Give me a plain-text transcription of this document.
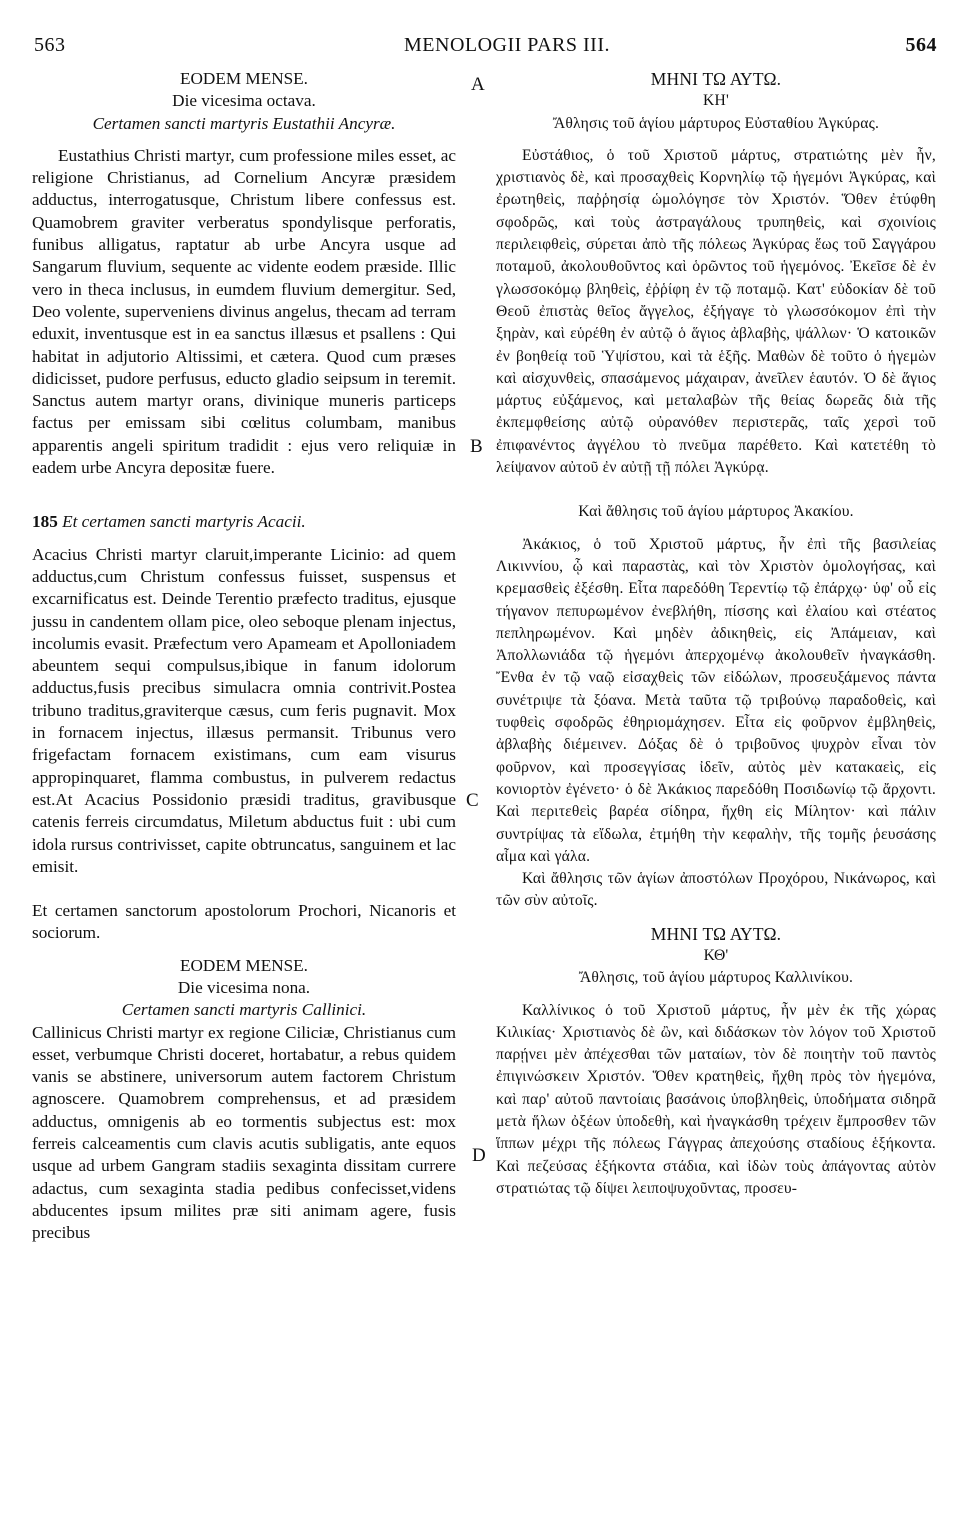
563	MENOLOGII PARS III.	564
A
B
C
D

EODEM MENSE.

Die vicesima octava.

Certamen sancti martyris Eustathii Ancyræ.

Eustathius Christi martyr, cum professione miles esset, ac religione Christianus, ad Cornelium Ancyræ præsidem adductus, interrogatusque, Christum libere confessus est. Quamobrem graviter verberatus spondylisque perforatis, funibus alligatus, raptatur ab urbe Ancyra usque ad Sangarum fluvium, sequente ac vidente eodem præside. Illic vero in theca inclusus, in eumdem fluvium demergitur. Sed, Deo volente, superveniens divinus angelus, thecam ad terram eduxit, inventusque est in ea sanctus illæsus et psallens : Qui habitat in adjutorio Altissimi, et cætera. Quod cum præses didicisset, pudore perfusus, educto gladio seipsum in teremit. Sanctus autem martyr orans, divinique muneris particeps factus per emissam sibi cœlitus columbam, manibus apparentis angeli spiritum tradidit : ejus vero reliquiæ in eadem urbe Ancyra depositæ fuere.

185 Et certamen sancti martyris Acacii.

Acacius Christi martyr claruit,imperante Licinio: ad quem adductus,cum Christum confessus fuisset, suspensus et excarnificatus est. Deinde Terentio præfecto traditus, ejusque jussu in candentem ollam pice, oleo seboque plenam injectus, incolumis evasit. Præfectum vero Apameam et Apolloniadem abeuntem sequi compulsus,ibique in fanum idolorum adductus,fusis precibus simulacra omnia contrivit.Postea tribuno traditus,graviterque cæsus, cum feris pugnavit. Mox in fornacem injectus, illæsus permansit. Tribunus vero frigefactam fornacem existimans, cum eam visurus appropinquaret, flamma combustus, in pulverem redactus est.At Acacius Possidonio præsidi traditus, gravibusque catenis ferreis circumdatus, Miletum abductus fuit : ubi cum idola rursus contrivisset, capite obtruncatus, sanguinem et lac emisit.

Et certamen sanctorum apostolorum Prochori, Nicanoris et sociorum.

EODEM MENSE.

Die vicesima nona.

Certamen sancti martyris Callinici.

Callinicus Christi martyr ex regione Ciliciæ, Christianus cum esset, verbumque Christi doceret, hortabatur, a rebus quidem vanis se abstinere, universorum autem factorem Christum agnoscere. Quamobrem comprehensus, et ad præsidem adductus, omnigenis ab eo tormentis subjectus est: mox ferreis calceamentis cum clavis acutis subligatis, ante equos usque ad urbem Gangram stadiis sexaginta dissitam currere adactus, cum sexaginta stadia pedibus confecisset,videns abducentes ipsum milites præ siti animam agere, fusis precibus

ΜΗΝΙ ΤΩ ΑΥΤΩ.

ΚΗ'

Ἄθλησις τοῦ ἁγίου μάρτυρος Εὐσταθίου Ἀγκύρας.

Εὐστάθιος, ὁ τοῦ Χριστοῦ μάρτυς, στρατιώτης μὲν ἦν, χριστιανὸς δὲ, καὶ προσαχθεὶς Κορνηλίῳ τῷ ἡγεμόνι Ἀγκύρας, καὶ ἐρωτηθεὶς, παῤῥησίᾳ ὡμολόγησε τὸν Χριστόν. Ὅθεν ἐτύφθη σφοδρῶς, καὶ τοὺς ἀστραγάλους τρυπηθεὶς, καὶ σχοινίοις περιλειφθεὶς, σύρεται ἀπὸ τῆς πόλεως Ἀγκύρας ἕως τοῦ Σαγγάρου ποταμοῦ, ἀκολουθοῦντος καὶ ὁρῶντος τοῦ ἡγεμόνος. Ἐκεῖσε δὲ ἐν γλωσσοκόμῳ βληθεὶς, ἐῤῥίφη ἐν τῷ ποταμῷ. Κατ' εὐδοκίαν δὲ τοῦ Θεοῦ ἐπιστὰς θεῖος ἄγγελος, ἐξήγαγε τὸ γλωσσόκομον ἐπὶ τὴν ξηρὰν, καὶ εὑρέθη ἐν αὐτῷ ὁ ἅγιος ἀβλαβὴς, ψάλλων· Ὁ κατοικῶν ἐν βοηθείᾳ τοῦ Ὑψίστου, καὶ τὰ ἑξῆς. Μαθὼν δὲ τοῦτο ὁ ἡγεμὼν καὶ αἰσχυνθεὶς, σπασάμενος μάχαιραν, ἀνεῖλεν ἑαυτόν. Ὁ δὲ ἅγιος μάρτυς εὐξάμενος, καὶ μεταλαβὼν τῆς θείας δωρεᾶς διὰ τῆς ἐκπεμφθείσης αὐτῷ οὐρανόθεν περιστερᾶς, ταῖς χερσὶ τοῦ ἐπιφανέντος ἀγγέλου τὸ πνεῦμα παρέθετο. Καὶ κατετέθη τὸ λείψανον αὐτοῦ ἐν αὐτῇ τῇ πόλει Ἀγκύρᾳ.

Καὶ ἄθλησις τοῦ ἁγίου μάρτυρος Ἀκακίου.

Ἀκάκιος, ὁ τοῦ Χριστοῦ μάρτυς, ἦν ἐπὶ τῆς βασιλείας Λικιννίου, ᾧ καὶ παραστὰς, καὶ τὸν Χριστὸν ὁμολογήσας, καὶ κρεμασθεὶς ἐξέσθη. Εἶτα παρεδόθη Τερεντίῳ τῷ ἐπάρχῳ· ὑφ' οὗ εἰς τήγανον πεπυρωμένον ἐνεβλήθη, πίσσης καὶ ἐλαίου καὶ στέατος πεπληρωμένον. Καὶ μηδὲν ἀδικηθεὶς, εἰς Ἀπάμειαν, καὶ Ἀπολλωνιάδα τῷ ἡγεμόνι ἀπερχομένῳ ἀκολουθεῖν ἠναγκάσθη. Ἔνθα ἐν τῷ ναῷ εἰσαχθεὶς τῶν εἰδώλων, προσευξάμενος πάντα συνέτριψε τὰ ξόανα. Μετὰ ταῦτα τῷ τριβούνῳ παραδοθεὶς, καὶ τυφθεὶς σφοδρῶς ἐθηριομάχησεν. Εἶτα εἰς φοῦρνον ἐμβληθεὶς, ἀβλαβὴς διέμεινεν. Δόξας δὲ ὁ τριβοῦνος ψυχρὸν εἶναι τὸν φοῦρνον, καὶ προσεγγίσας ἰδεῖν, αὐτὸς μὲν κατακαεὶς, εἰς κονιορτὸν ἐγένετο· ὁ δὲ Ἀκάκιος παρεδόθη Ποσιδωνίῳ τῷ ἄρχοντι. Καὶ περιτεθεὶς βαρέα σίδηρα, ἤχθη εἰς Μίλητον· καὶ πάλιν συντρίψας τὰ εἴδωλα, ἐτμήθη τὴν κεφαλὴν, τῆς τομῆς ῥευσάσης αἷμα καὶ γάλα.

Καὶ ἄθλησις τῶν ἁγίων ἀποστόλων Προχόρου, Νικάνωρος, καὶ τῶν σὺν αὐτοῖς.

ΜΗΝΙ ΤΩ ΑΥΤΩ.

ΚΘ'

Ἄθλησις, τοῦ ἁγίου μάρτυρος Καλλινίκου.

Καλλίνικος ὁ τοῦ Χριστοῦ μάρτυς, ἦν μὲν ἐκ τῆς χώρας Κιλικίας· Χριστιανὸς δὲ ὢν, καὶ διδάσκων τὸν λόγον τοῦ Χριστοῦ παρῄνει μὲν ἀπέχεσθαι τῶν ματαίων, τὸν δὲ ποιητὴν τοῦ παντὸς ἐπιγινώσκειν Χριστόν. Ὅθεν κρατηθεὶς, ἤχθη πρὸς τὸν ἡγεμόνα, καὶ παρ' αὐτοῦ παντοίαις βασάνοις ὑποβληθεὶς, ὑποδήματα σιδηρᾶ μετὰ ἥλων ὀξέων ὑποδεθὴ, καὶ ἠναγκάσθη τρέχειν ἔμπροσθεν τῶν ἵππων μέχρι τῆς πόλεως Γάγγρας ἀπεχούσης σταδίους ἑξήκοντα. Καὶ πεζεύσας ἑξήκοντα στάδια, καὶ ἰδὼν τοὺς ἀπάγοντας αὐτὸν στρατιώτας τῷ δίψει λειποψυχοῦντας, προσευ-
